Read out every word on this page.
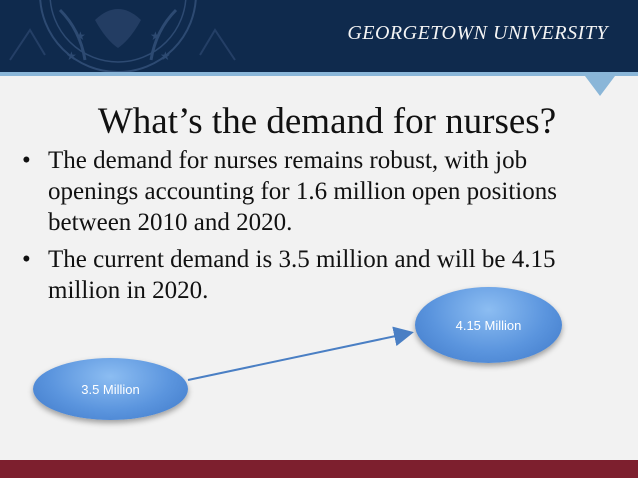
★	★
★	★
GEORGETOWN UNIVERSITY
What’s the demand for nurses?
• The demand for nurses remains robust, with job openings accounting for 1.6 million open positions between 2010 and 2020.
• The current demand is 3.5 million and will be 4.15 million in 2020.
3.5 Million
4.15 Million
